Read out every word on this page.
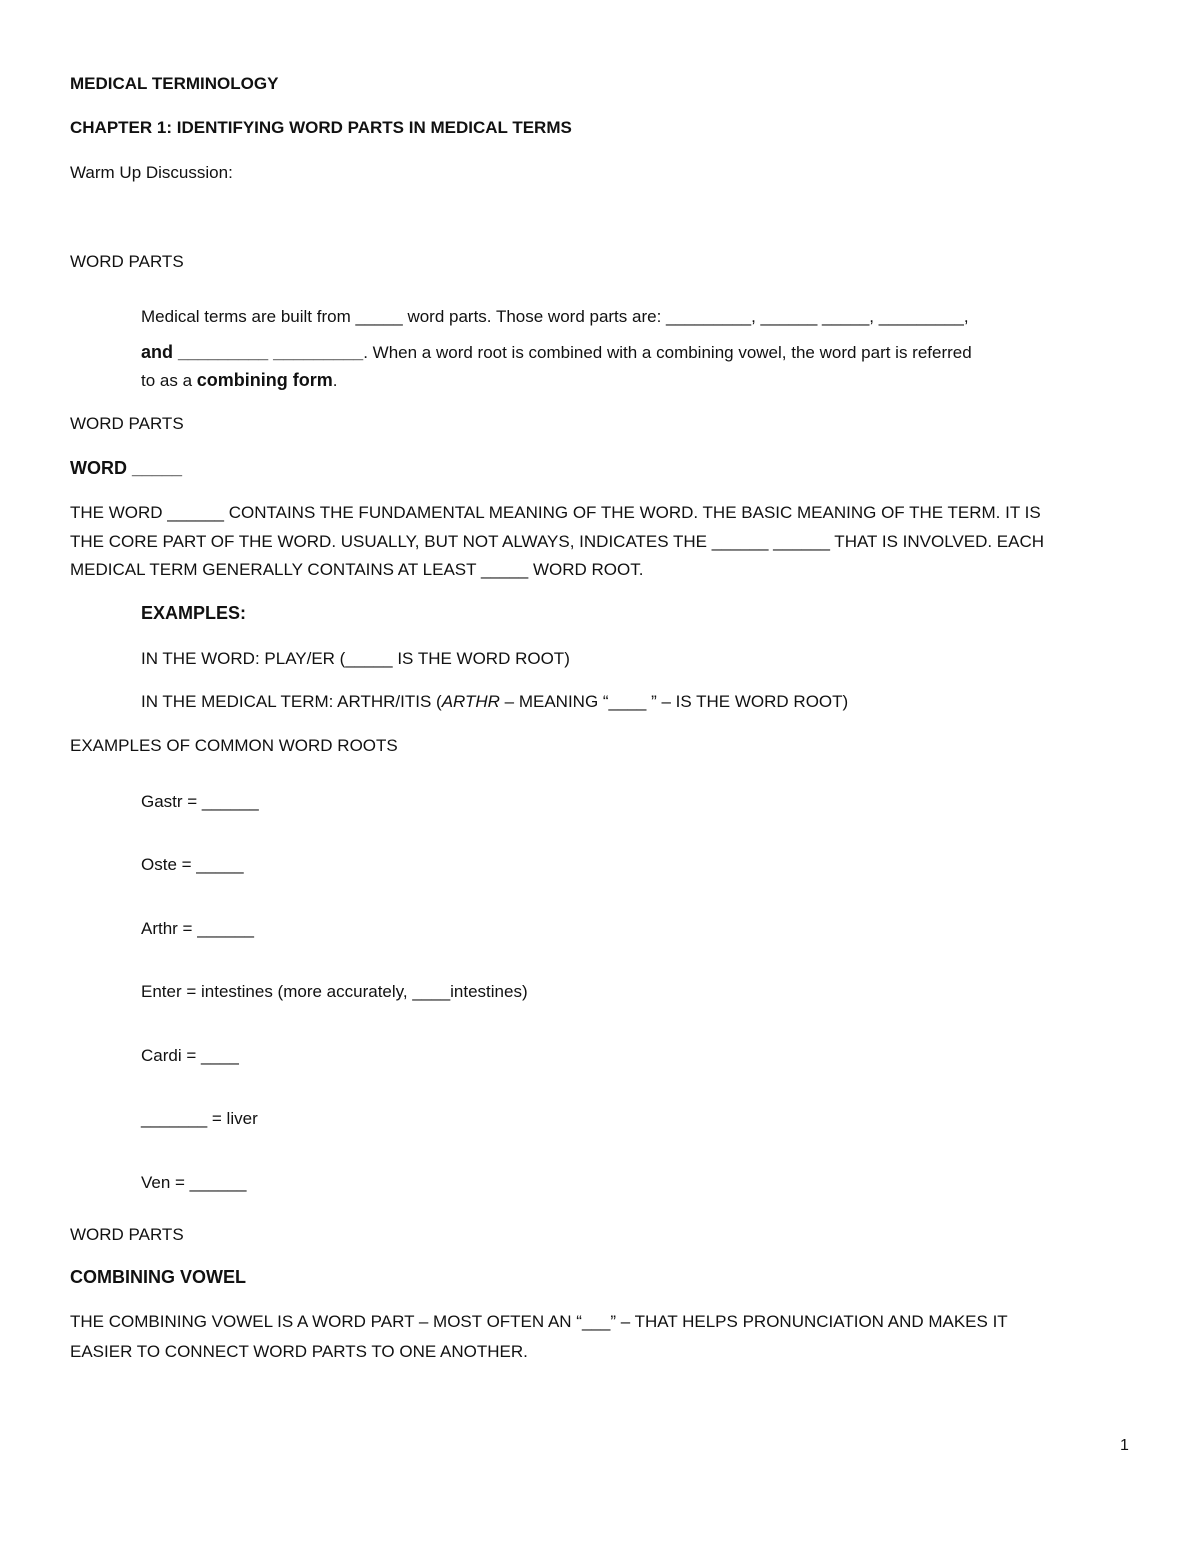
MEDICAL TERMINOLOGY
CHAPTER 1: IDENTIFYING WORD PARTS IN MEDICAL TERMS
Warm Up Discussion:
WORD PARTS
Medical terms are built from _____ word parts. Those word parts are: _________, ______ _____, _________,
and _________ _________. When a word root is combined with a combining vowel, the word part is referred
to as a combining form.
WORD PARTS
WORD _____
THE WORD ______ CONTAINS THE FUNDAMENTAL MEANING OF THE WORD. THE BASIC MEANING OF THE TERM. IT IS
THE CORE PART OF THE WORD. USUALLY, BUT NOT ALWAYS, INDICATES THE ______ ______ THAT IS INVOLVED. EACH
MEDICAL TERM GENERALLY CONTAINS AT LEAST _____ WORD ROOT.
EXAMPLES:
IN THE WORD: PLAY/ER (_____ IS THE WORD ROOT)
IN THE MEDICAL TERM: ARTHR/ITIS (ARTHR – MEANING “____ ” – IS THE WORD ROOT)
EXAMPLES OF COMMON WORD ROOTS
Gastr = ______
Oste = _____
Arthr = ______
Enter = intestines (more accurately, ____intestines)
Cardi = ____
_______ = liver
Ven = ______
WORD PARTS
COMBINING VOWEL
THE COMBINING VOWEL IS A WORD PART – MOST OFTEN AN “___” – THAT HELPS PRONUNCIATION AND MAKES IT
EASIER TO CONNECT WORD PARTS TO ONE ANOTHER.
1
